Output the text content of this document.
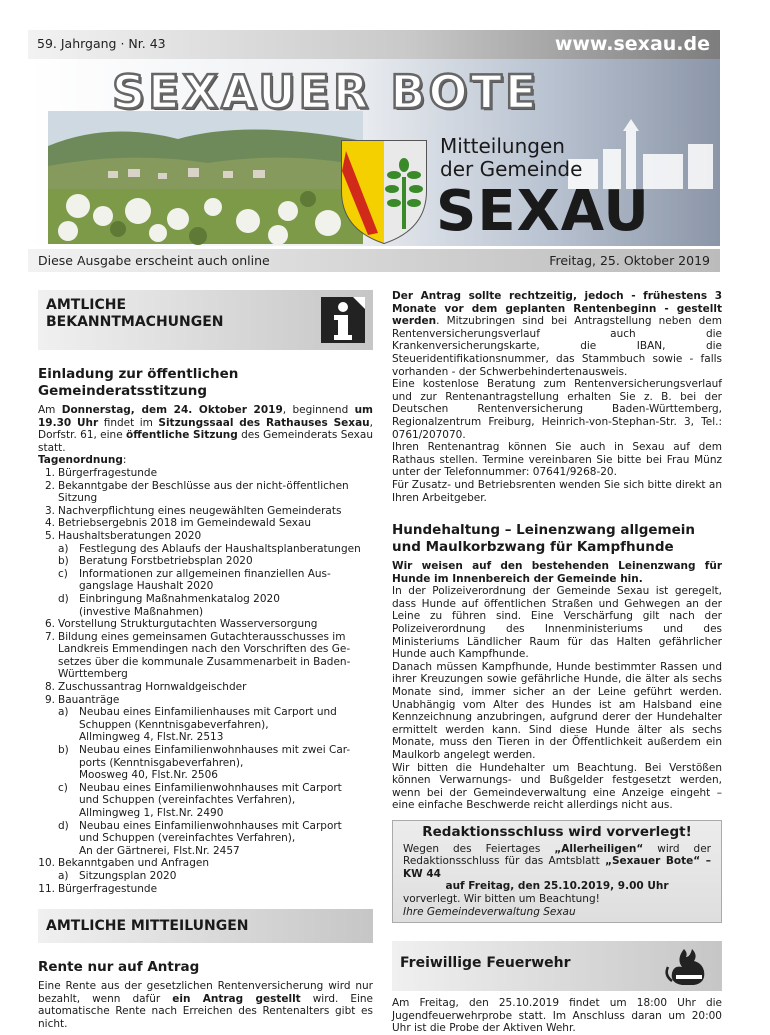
59. Jahrgang · Nr. 43	www.sexau.de
SEXAUER BOTE
Mitteilungen
der Gemeinde
SEXAU
Diese Ausgabe erscheint auch online	Freitag, 25. Oktober 2019
AMTLICHE
BEKANNTMACHUNGEN
Einladung zur öffentlichen Gemeinderatsstitzung

Am Donnerstag, dem 24. Oktober 2019, beginnend um 19.30 Uhr findet im Sitzungssaal des Rathauses Sexau, Dorfstr. 61, eine öffentliche Sitzung des Gemeinderats Sexau statt.

Tagenordnung:

1. Bürgerfragestunde
2. Bekanntgabe der Beschlüsse aus der nicht-öffentlichen
Sitzung
3. Nachverpflichtung eines neugewählten Gemeinderats
4. Betriebsergebnis 2018 im Gemeindewald Sexau
5. Haushaltsberatungen 2020
a) Festlegung des Ablaufs der Haushaltsplanberatungen
b) Beratung Forstbetriebsplan 2020
c)	Informationen zur allgemeinen finanziellen Aus-
gangslage Haushalt 2020
d) Einbringung Maßnahmenkatalog 2020
(investive Maßnahmen)
6. Vorstellung Strukturgutachten Wasserversorgung
7. Bildung eines gemeinsamen Gutachterausschusses im
Landkreis Emmendingen nach den Vorschriften des Ge-
setzes über die kommunale Zusammenarbeit in Baden-
Württemberg
8. Zuschussantrag Hornwaldgeischder
9. Bauanträge
a) Neubau eines Einfamilienhauses mit Carport und
Schuppen (Kenntnisgabeverfahren),
Allmingweg 4, Flst.Nr. 2513
b) Neubau eines Einfamilienwohnhauses mit zwei Car-
ports (Kenntnisgabeverfahren),
Moosweg 40, Flst.Nr. 2506
c)	Neubau eines Einfamilienwohnhauses mit Carport
und Schuppen (vereinfachtes Verfahren),
Allmingweg 1, Flst.Nr. 2490
d) Neubau eines Einfamilienwohnhauses mit Carport
und Schuppen (vereinfachtes Verfahren),
An der Gärtnerei, Flst.Nr. 2457
10. Bekanntgaben und Anfragen
a) Sitzungsplan 2020
11. Bürgerfragestunde
AMTLICHE MITTEILUNGEN
Rente nur auf Antrag

Eine Rente aus der gesetzlichen Rentenversicherung wird nur bezahlt, wenn dafür ein Antrag gestellt wird. Eine automatische Rente nach Erreichen des Rentenalters gibt es nicht.

Der Antrag sollte rechtzeitig, jedoch - frühestens 3 Monate vor dem geplanten Rentenbeginn - gestellt werden. Mitzubringen sind bei Antragstellung neben dem Rentenversicherungsverlauf auch die Krankenversicherungskarte, die IBAN, die Steueridentifikationsnummer, das Stammbuch sowie - falls vorhanden - der Schwerbehindertenausweis.

Eine kostenlose Beratung zum Rentenversicherungsverlauf und zur Rentenantragstellung erhalten Sie z. B. bei der Deutschen Rentenversicherung Baden-Württemberg, Regionalzentrum Freiburg, Heinrich-von-Stephan-Str. 3, Tel.: 0761/207070.

Ihren Rentenantrag können Sie auch in Sexau auf dem Rathaus stellen. Termine vereinbaren Sie bitte bei Frau Münz unter der Telefonnummer: 07641/9268-20.

Für Zusatz- und Betriebsrenten wenden Sie sich bitte direkt an Ihren Arbeitgeber.

Hundehaltung – Leinenzwang allgemein und Maulkorbzwang für Kampfhunde

Wir weisen auf den bestehenden Leinenzwang für Hunde im Innenbereich der Gemeinde hin.

In der Polizeiverordnung der Gemeinde Sexau ist geregelt, dass Hunde auf öffentlichen Straßen und Gehwegen an der Leine zu führen sind. Eine Verschärfung gilt nach der Polizeiverordnung des Innenministeriums und des Ministeriums Ländlicher Raum für das Halten gefährlicher Hunde auch Kampfhunde.

Danach müssen Kampfhunde, Hunde bestimmter Rassen und ihrer Kreuzungen sowie gefährliche Hunde, die älter als sechs Monate sind, immer sicher an der Leine geführt werden. Unabhängig vom Alter des Hundes ist am Halsband eine Kennzeichnung anzubringen, aufgrund derer der Hundehalter ermittelt werden kann. Sind diese Hunde älter als sechs Monate, muss den Tieren in der Öffentlichkeit außerdem ein Maulkorb angelegt werden.

Wir bitten die Hundehalter um Beachtung. Bei Verstößen können Verwarnungs- und Bußgelder festgesetzt werden, wenn bei der Gemeindeverwaltung eine Anzeige eingeht – eine einfache Beschwerde reicht allerdings nicht aus.

Redaktionsschluss wird vorverlegt!

Wegen des Feiertages „Allerheiligen“ wird der Redaktionsschluss für das Amtsblatt „Sexauer Bote“ – KW 44

auf Freitag, den 25.10.2019, 9.00 Uhr

vorverlegt. Wir bitten um Beachtung!

Ihre Gemeindeverwaltung Sexau

Freiwillige Feuerwehr

Am Freitag, den 25.10.2019 findet um 18:00 Uhr die Jugendfeuerwehrprobe statt. Im Anschluss daran um 20:00 Uhr ist die Probe der Aktiven Wehr.
